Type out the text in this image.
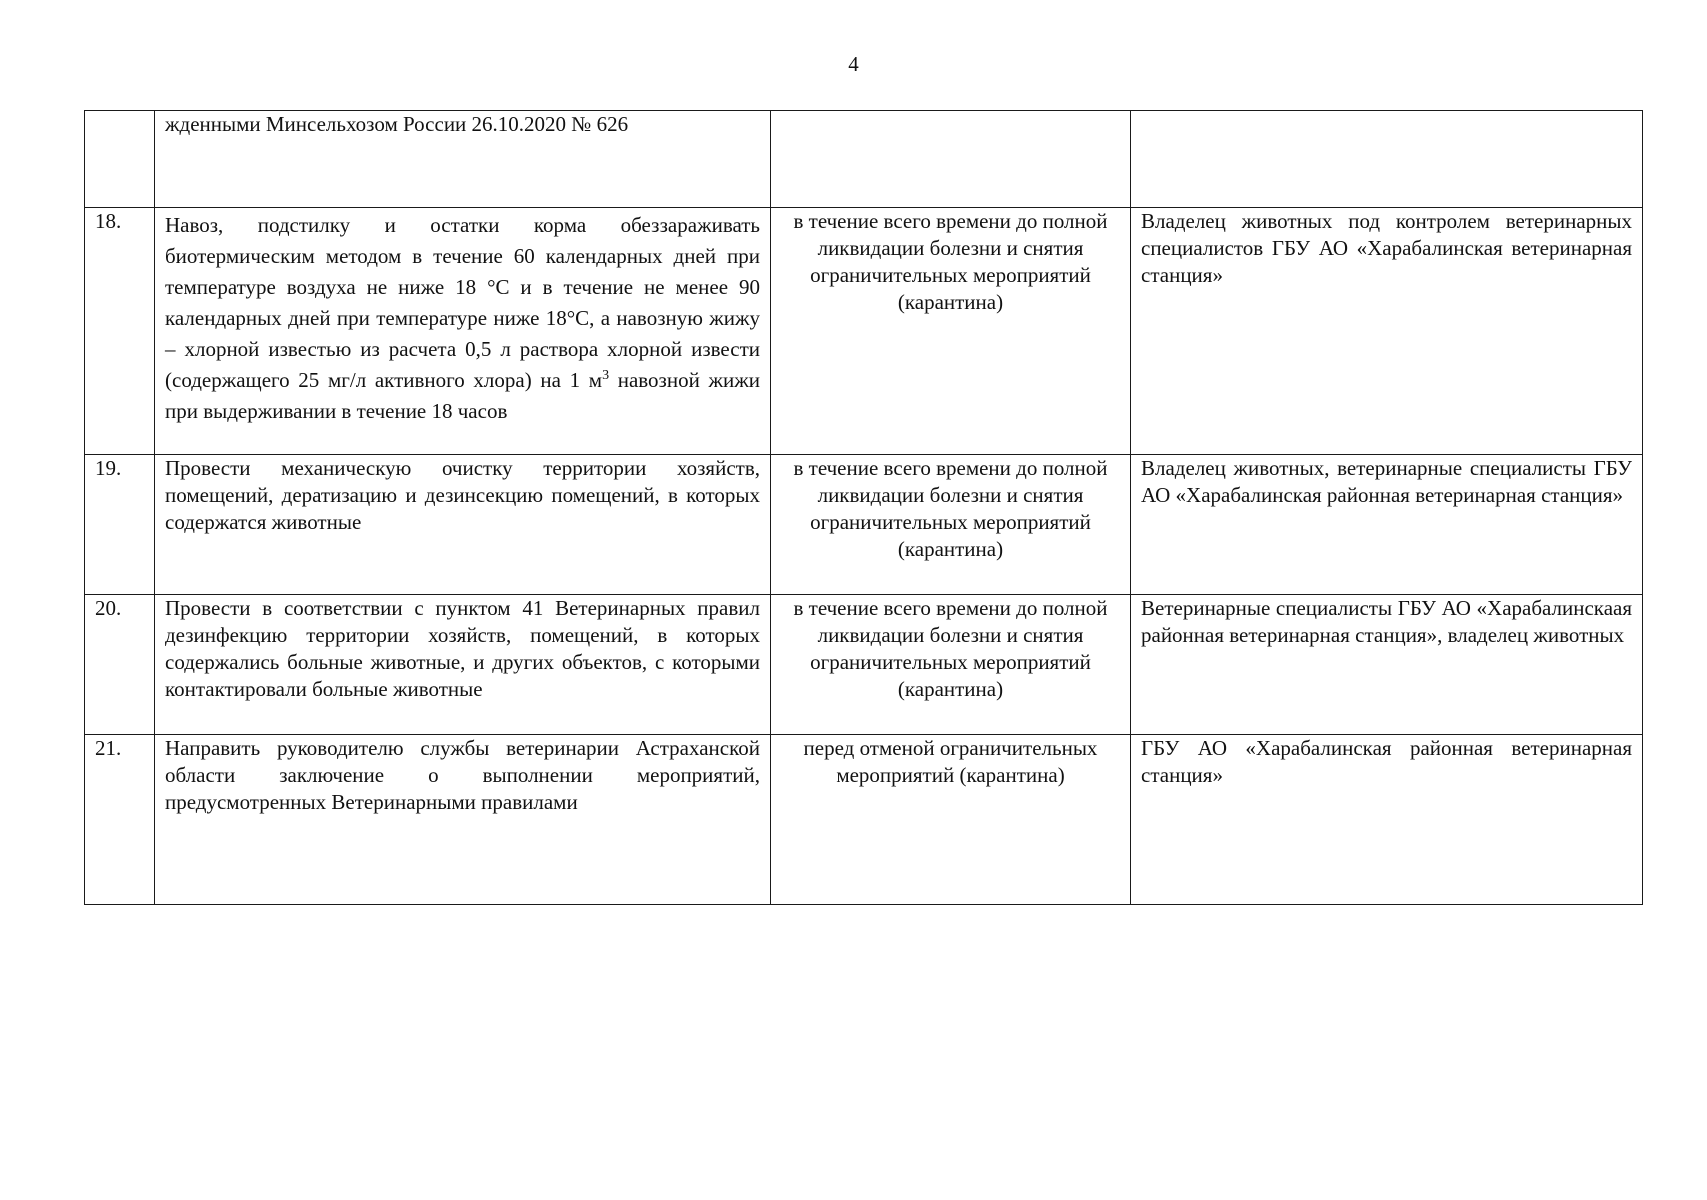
4

	жденными Минсельхозом России 26.10.2020 № 626		

18.	Навоз, подстилку и остатки корма обеззараживать биотермическим методом в течение 60 календарных дней при температуре воздуха не ниже 18 °С и в течение не менее 90 календарных дней при температуре ниже 18°С, а навозную жижу – хлорной известью из расчета 0,5 л раствора хлорной извести (содержащего 25 мг/л активного хлора) на 1 $м^3$ навозной жижи при выдерживании в течение 18 часов	в течение всего времени до полной ликвидации болезни и снятия ограничительных мероприятий (карантина)	Владелец животных под контролем ветеринарных специалистов ГБУ АО «Харабалинская ветеринарная станция»

19.	Провести механическую очистку территории хозяйств, помещений, дератизацию и дезинсекцию помещений, в которых содержатся животные	в течение всего времени до полной ликвидации болезни и снятия ограничительных мероприятий (карантина)	Владелец животных, ветеринарные специалисты ГБУ АО «Харабалинская районная ветеринарная станция»

20.	Провести в соответствии с пунктом 41 Ветеринарных правил дезинфекцию территории хозяйств, помещений, в которых содержались больные животные, и других объектов, с которыми контактировали больные животные	в течение всего времени до полной ликвидации болезни и снятия ограничительных мероприятий (карантина)	Ветеринарные специалисты ГБУ АО «Харабалинскаая районная ветеринарная станция», владелец животных

21.	Направить руководителю службы ветеринарии Астраханской области заключение о выполнении мероприятий, предусмотренных Ветеринарными правилами	перед отменой ограничительных мероприятий (карантина)	ГБУ АО «Харабалинская районная ветеринарная станция»
